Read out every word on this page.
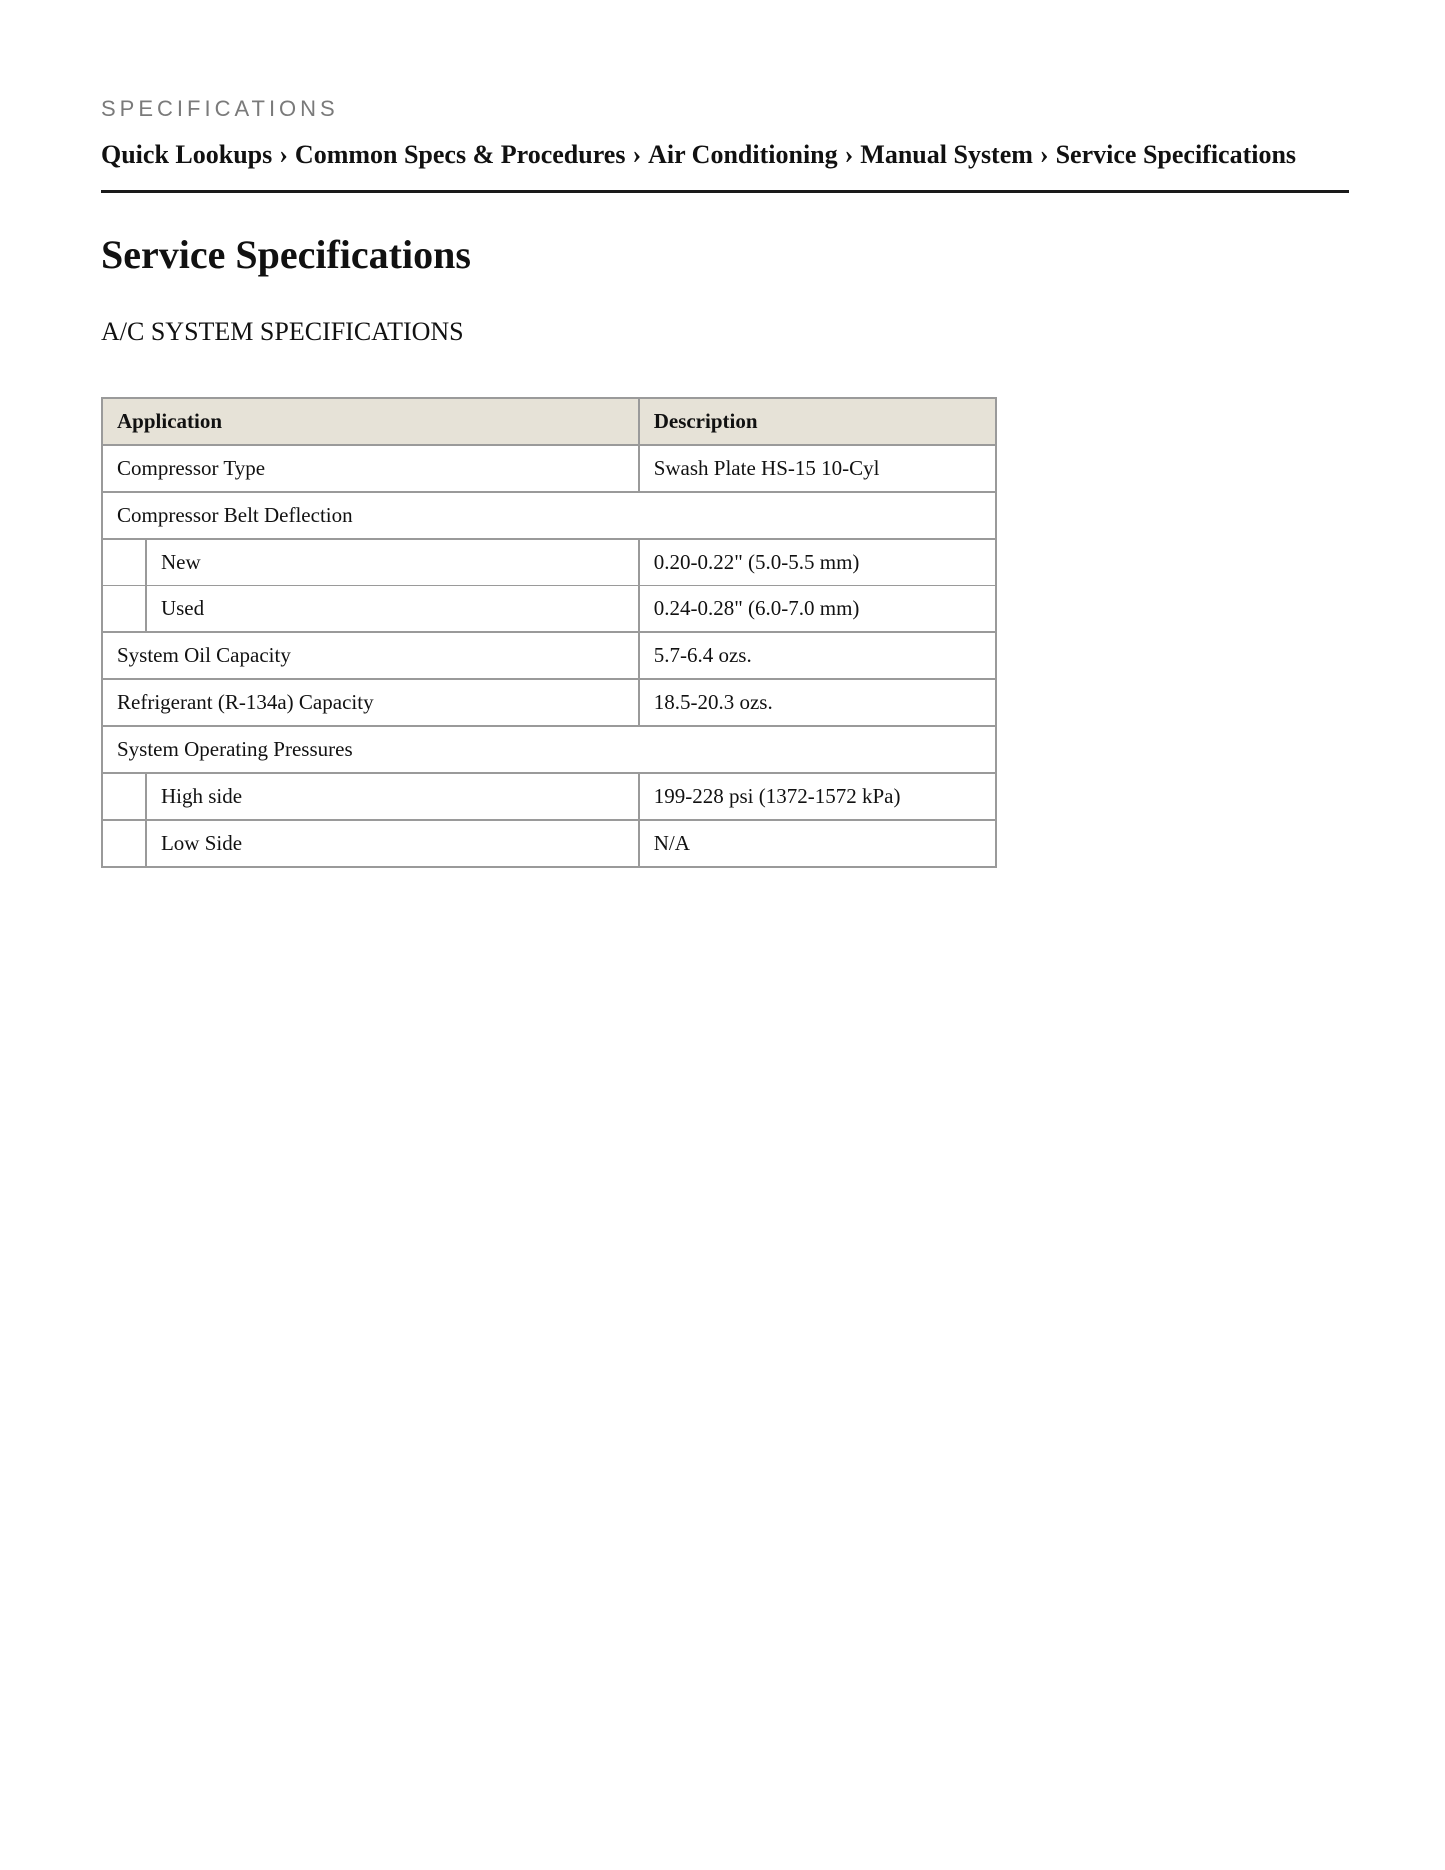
SPECIFICATIONS

Quick Lookups › Common Specs & Procedures › Air Conditioning › Manual System › Service Specifications
Service Specifications
A/C SYSTEM SPECIFICATIONS
Application		Description
Compressor Type		Swash Plate HS-15 10-Cyl
Compressor Belt Deflection		
	New	0.20-0.22" (5.0-5.5 mm)
	Used	0.24-0.28" (6.0-7.0 mm)
System Oil Capacity		5.7-6.4 ozs.
Refrigerant (R-134a) Capacity		18.5-20.3 ozs.
System Operating Pressures		
	High side	199-228 psi (1372-1572 kPa)
	Low Side	N/A
